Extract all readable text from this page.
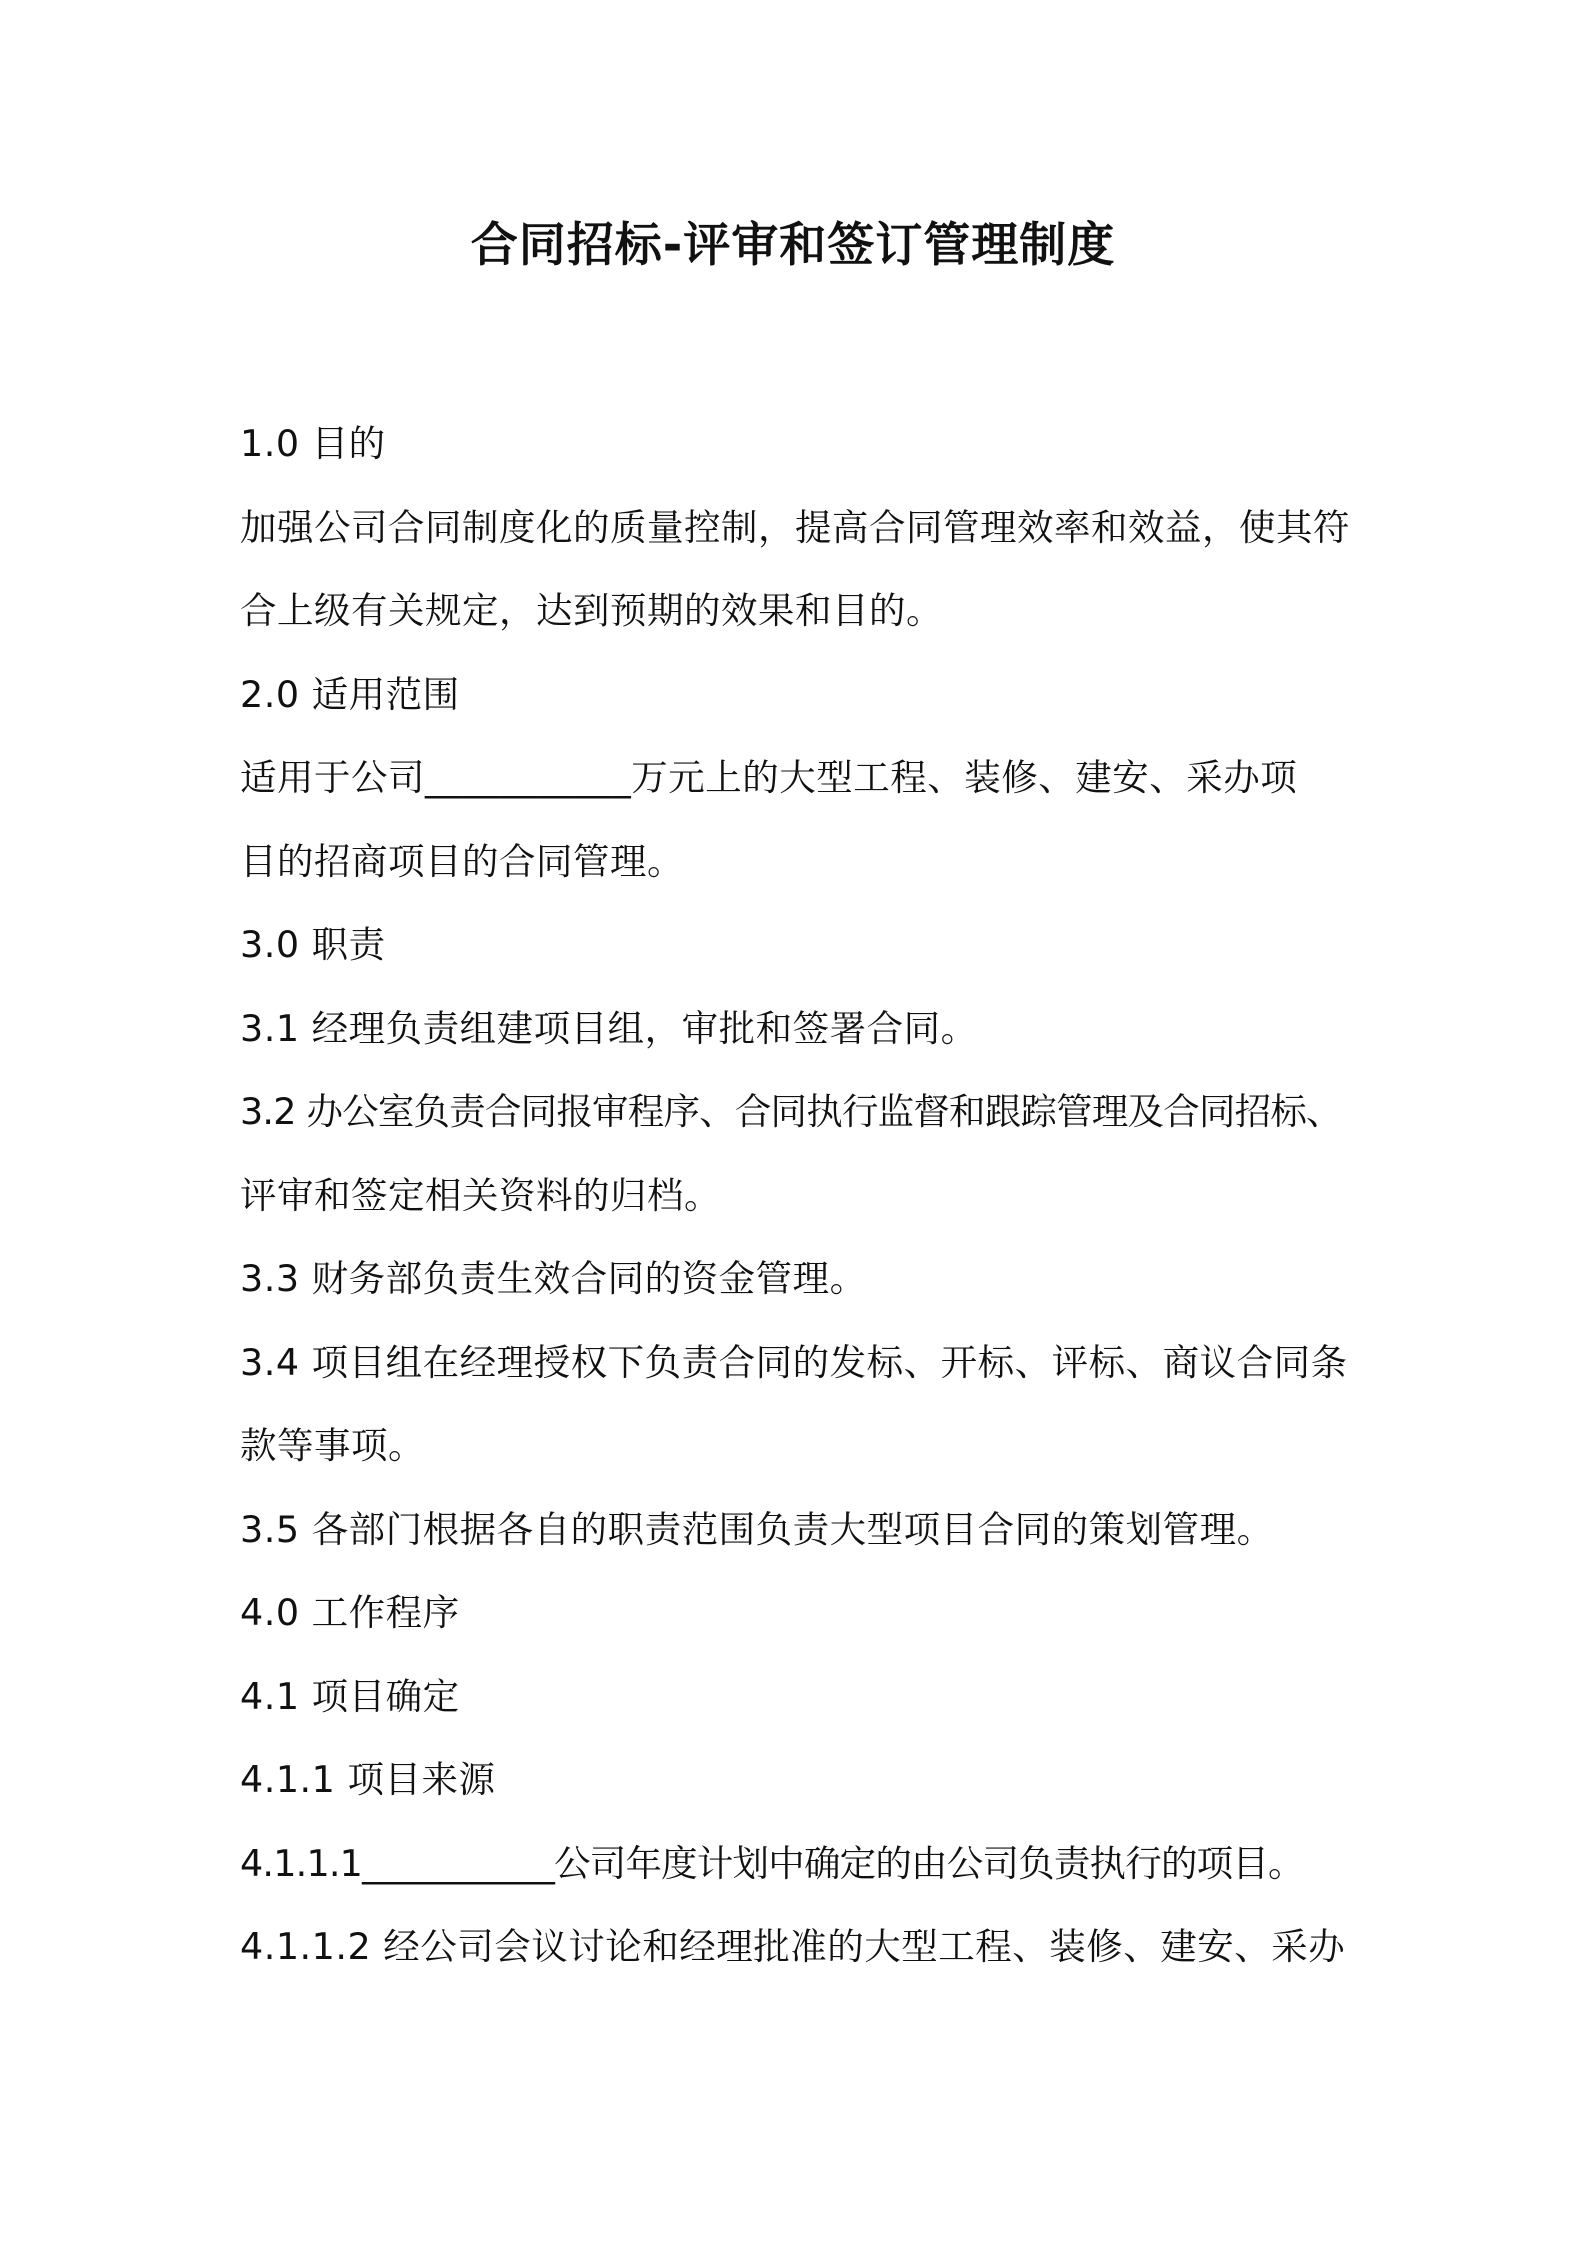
合同招标-评审和签订管理制度
1.0 目的
加强公司合同制度化的质量控制，提高合同管理效率和效益，使其符
合上级有关规定，达到预期的效果和目的。
2.0 适用范围
适用于公司___________万元上的大型工程、装修、建安、采办项
目的招商项目的合同管理。
3.0 职责
3.1 经理负责组建项目组，审批和签署合同。
3.2 办公室负责合同报审程序、合同执行监督和跟踪管理及合同招标、
评审和签定相关资料的归档。
3.3 财务部负责生效合同的资金管理。
3.4 项目组在经理授权下负责合同的发标、开标、评标、商议合同条
款等事项。
3.5 各部门根据各自的职责范围负责大型项目合同的策划管理。
4.0 工作程序
4.1 项目确定
4.1.1 项目来源
4.1.1.1___________公司年度计划中确定的由公司负责执行的项目。
4.1.1.2 经公司会议讨论和经理批准的大型工程、装修、建安、采办
